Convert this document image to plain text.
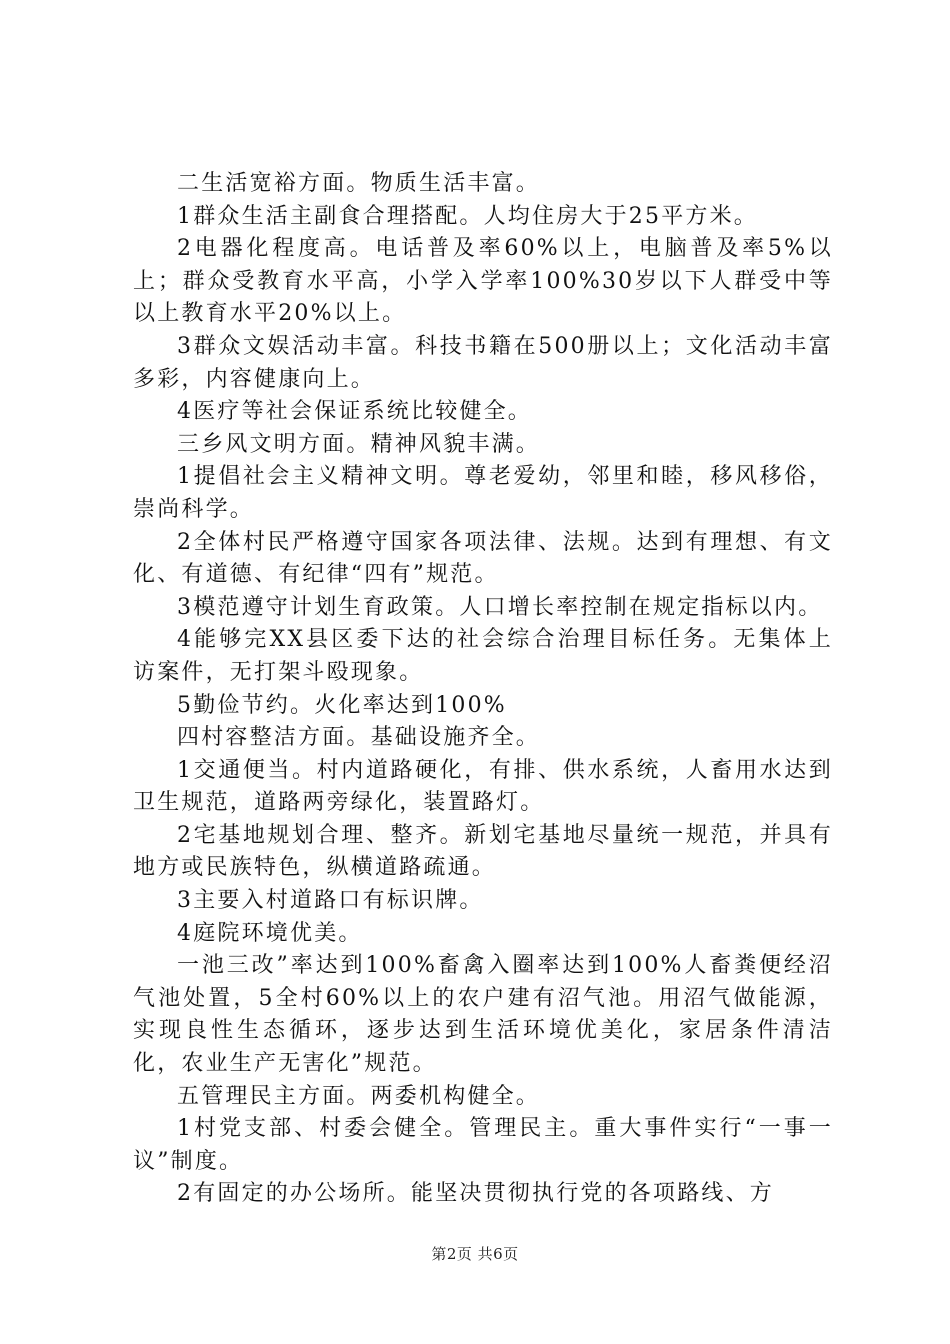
二生活宽裕方面。物质生活丰富。

1群众生活主副食合理搭配。人均住房大于25平方米。

2电器化程度高。电话普及率60%以上，电脑普及率5%以上；群众受教育水平高，小学入学率100%30岁以下人群受中等以上教育水平20%以上。

3群众文娱活动丰富。科技书籍在500册以上；文化活动丰富多彩，内容健康向上。

4医疗等社会保证系统比较健全。

三乡风文明方面。精神风貌丰满。

1提倡社会主义精神文明。尊老爱幼，邻里和睦，移风移俗，崇尚科学。

2全体村民严格遵守国家各项法律、法规。达到有理想、有文化、有道德、有纪律“四有”规范。

3模范遵守计划生育政策。人口增长率控制在规定指标以内。

4能够完XX县区委下达的社会综合治理目标任务。无集体上访案件，无打架斗殴现象。

5勤俭节约。火化率达到100%

四村容整洁方面。基础设施齐全。

1交通便当。村内道路硬化，有排、供水系统，人畜用水达到卫生规范，道路两旁绿化，装置路灯。

2宅基地规划合理、整齐。新划宅基地尽量统一规范，并具有地方或民族特色，纵横道路疏通。

3主要入村道路口有标识牌。

4庭院环境优美。

一池三改”率达到100%畜禽入圈率达到100%人畜粪便经沼气池处置，5全村60%以上的农户建有沼气池。用沼气做能源，实现良性生态循环，逐步达到生活环境优美化，家居条件清洁化，农业生产无害化”规范。

五管理民主方面。两委机构健全。

1村党支部、村委会健全。管理民主。重大事件实行“一事一议”制度。

2有固定的办公场所。能坚决贯彻执行党的各项路线、方

第2页 共6页
